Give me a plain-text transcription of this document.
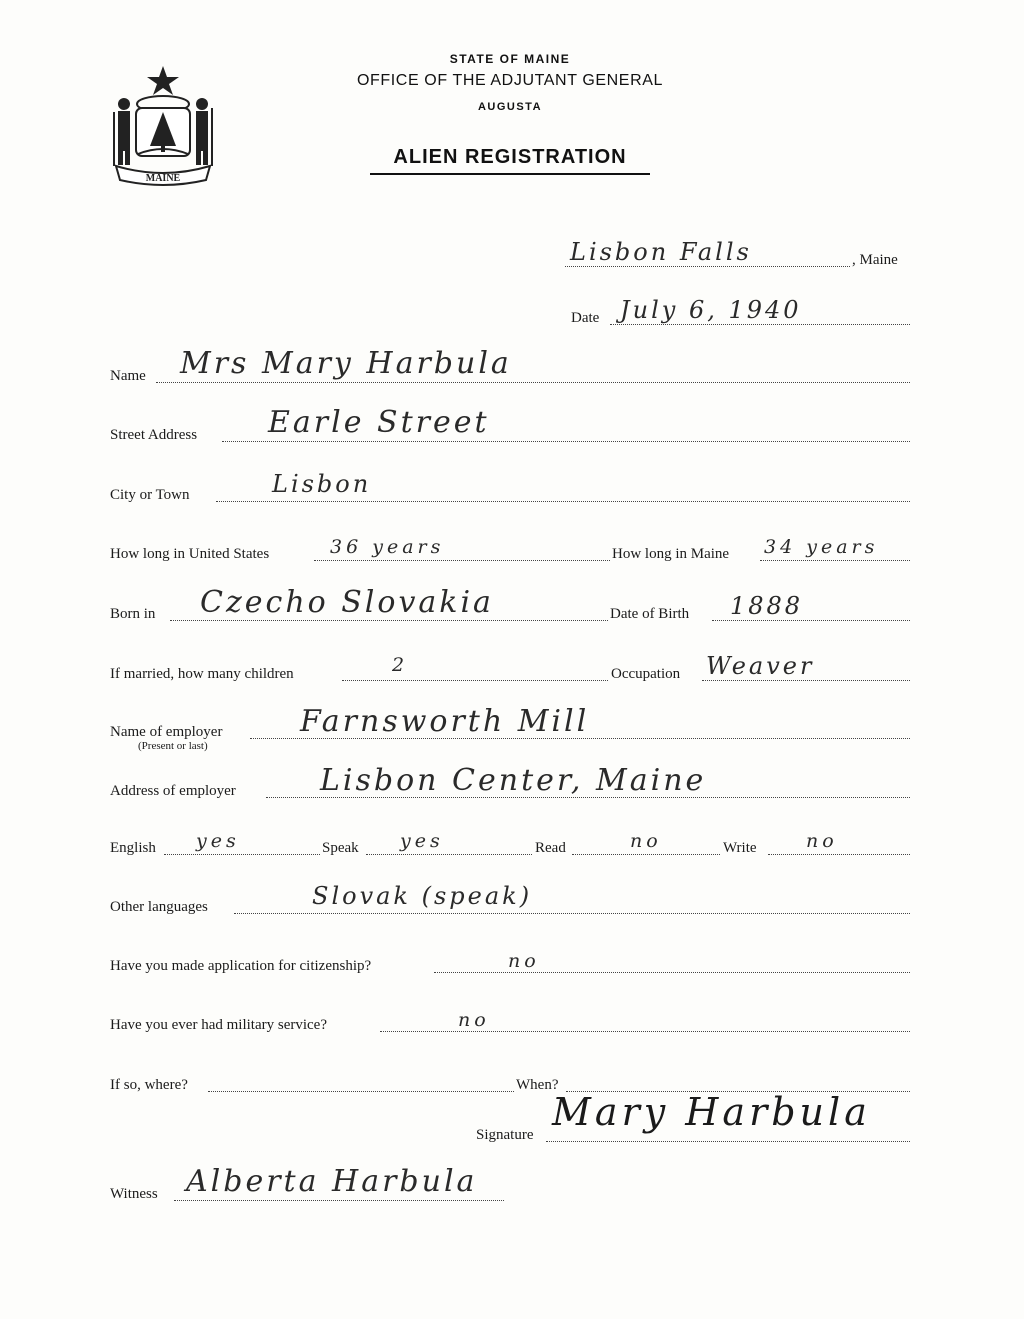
MAINE
STATE OF MAINE
OFFICE OF THE ADJUTANT GENERAL
AUGUSTA
ALIEN REGISTRATION
Lisbon Falls	, Maine
Date July 6, 1940
Name Mrs Mary Harbula
Street Address Earle Street
City or Town	Lisbon
How long in United States	36 years	How long in Maine 34 years
Born in Czecho Slovakia	Date of Birth 1888
If married, how many children	2	Occupation Weaver
Name of employer
(Present or last)
Farnsworth Mill
Address of employer	Lisbon Center, Maine
English yes	Speak yes	Read	no	Write	no
Other languages	Slovak (speak)
Have you made application for citizenship?	no
Have you ever had military service?	no
If so, where?	When?
Signature
Mary Harbula
Witness Alberta Harbula
